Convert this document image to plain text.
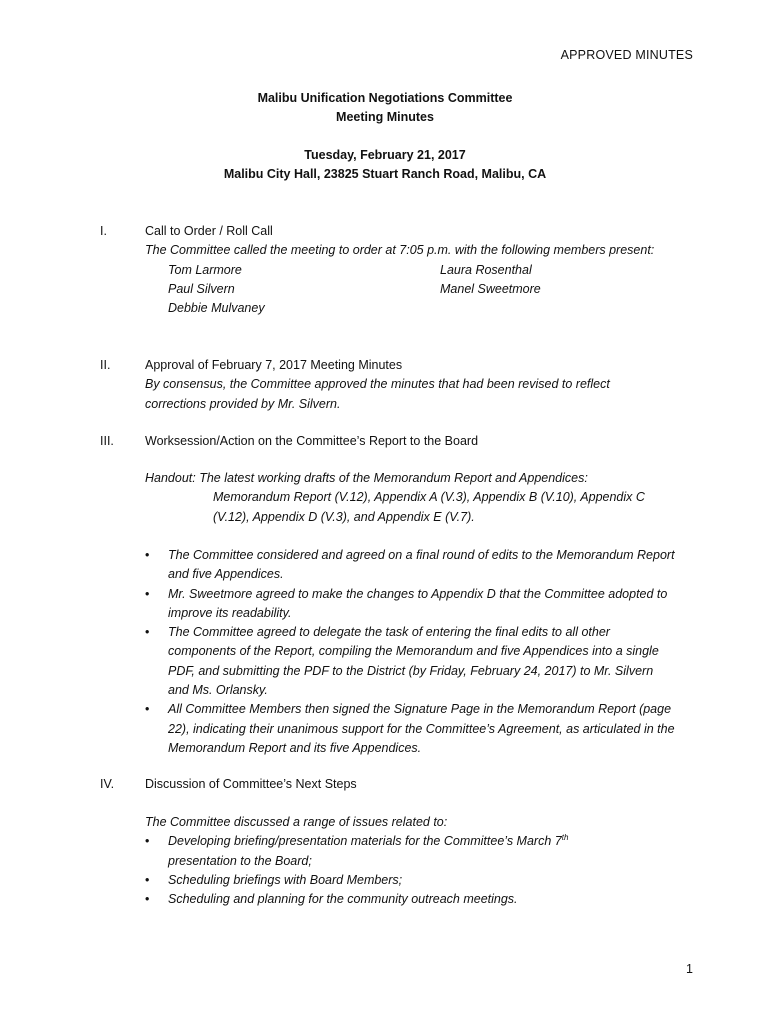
APPROVED MINUTES
Malibu Unification Negotiations Committee
Meeting Minutes
Tuesday, February 21, 2017
Malibu City Hall, 23825 Stuart Ranch Road, Malibu, CA
I.	Call to Order / Roll Call
The Committee called the meeting to order at 7:05 p.m. with the following members present:
Tom Larmore
Paul Silvern
Debbie Mulvaney
Laura Rosenthal
Manel Sweetmore
II.	Approval of February 7, 2017 Meeting Minutes
By consensus, the Committee approved the minutes that had been revised to reflect corrections provided by Mr. Silvern.
III. Worksession/Action on the Committee’s Report to the Board
Handout: The latest working drafts of the Memorandum Report and Appendices:
Memorandum Report (V.12), Appendix A (V.3), Appendix B (V.10), Appendix C
(V.12), Appendix D (V.3), and Appendix E (V.7).
• The Committee considered and agreed on a final round of edits to the Memorandum Report and five Appendices.
• Mr. Sweetmore agreed to make the changes to Appendix D that the Committee adopted to improve its readability.
• The Committee agreed to delegate the task of entering the final edits to all other components of the Report, compiling the Memorandum and five Appendices into a single PDF, and submitting the PDF to the District (by Friday, February 24, 2017) to Mr. Silvern and Ms. Orlansky.
• All Committee Members then signed the Signature Page in the Memorandum Report (page 22), indicating their unanimous support for the Committee’s Agreement, as articulated in the Memorandum Report and its five Appendices.
IV. Discussion of Committee’s Next Steps
The Committee discussed a range of issues related to:
• Developing briefing/presentation materials for the Committee’s March 7th
presentation to the Board;
• Scheduling briefings with Board Members;
• Scheduling and planning for the community outreach meetings.
1
